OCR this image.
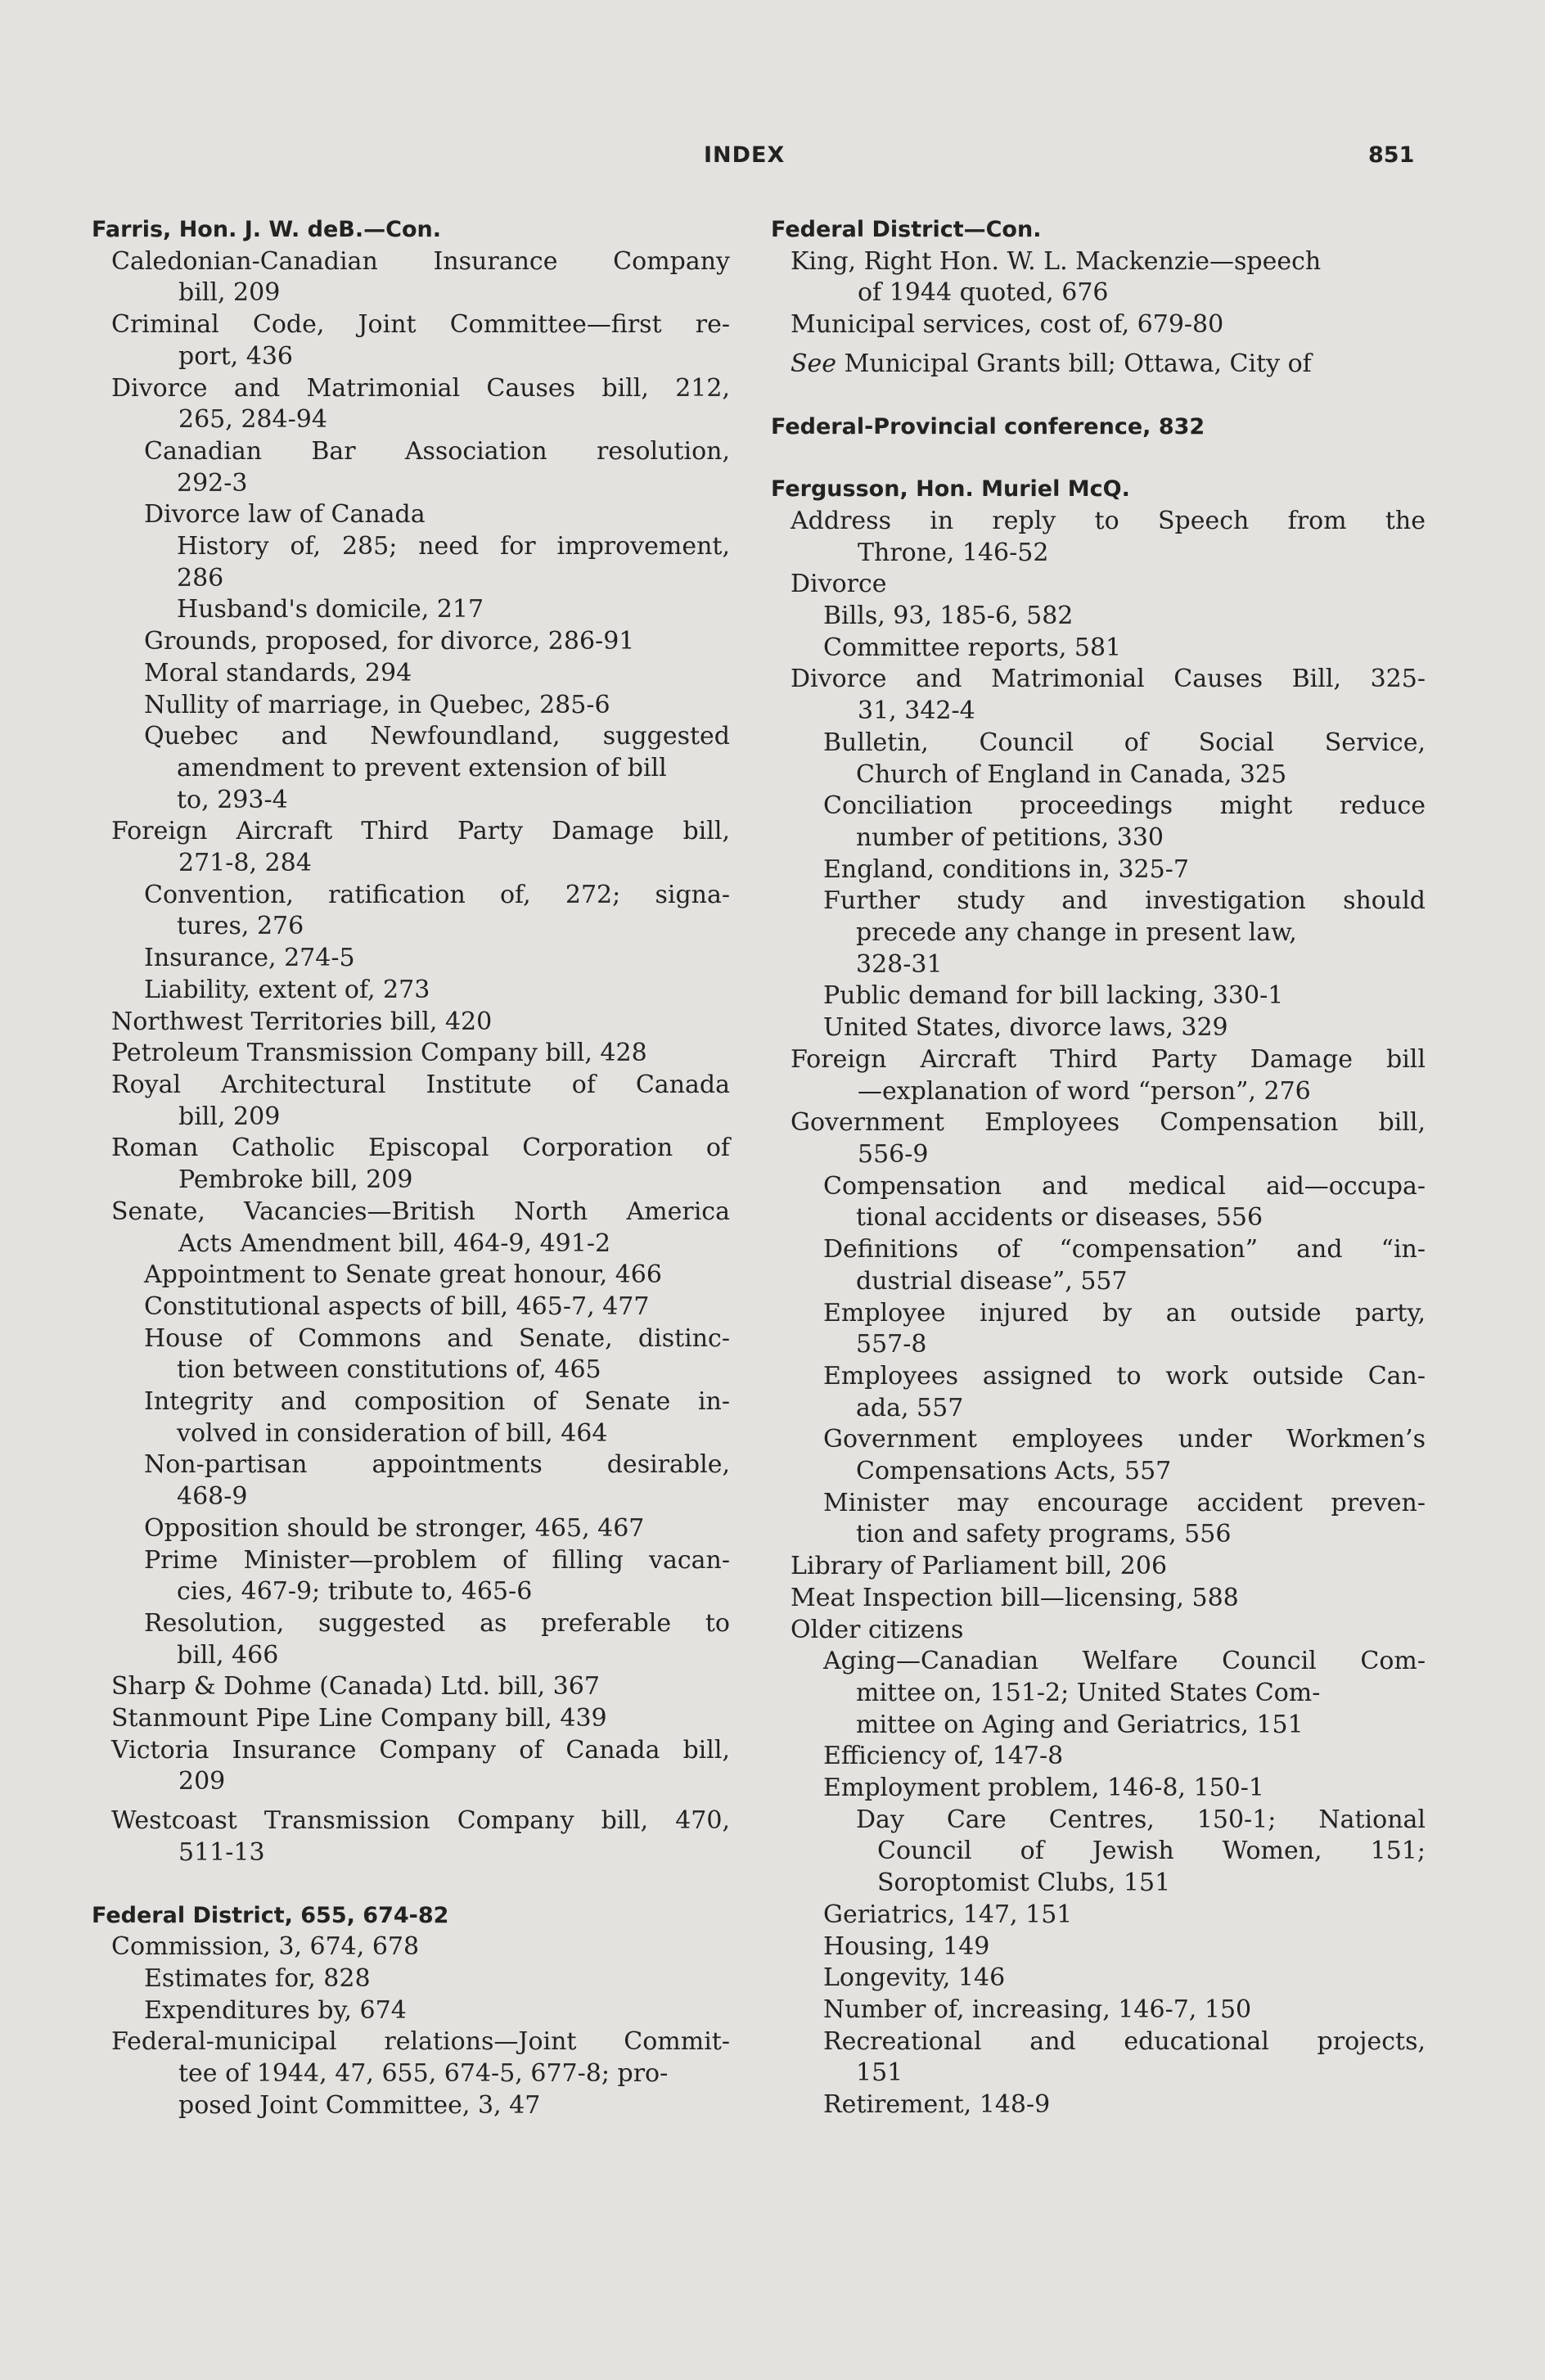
INDEX	851
Farris, Hon. J. W. deB.—Con.
Caledonian-Canadian Insurance Company
bill, 209
Criminal Code, Joint Committee—first re-
port, 436
Divorce and Matrimonial Causes bill, 212,
265, 284-94
Canadian Bar Association resolution,
292-3
Divorce law of Canada
History of, 285; need for improvement,
286
Husband's domicile, 217
Grounds, proposed, for divorce, 286-91
Moral standards, 294
Nullity of marriage, in Quebec, 285-6
Quebec and Newfoundland, suggested
amendment to prevent extension of bill
to, 293-4
Foreign Aircraft Third Party Damage bill,
271-8, 284
Convention, ratification of, 272; signa-
tures, 276
Insurance, 274-5
Liability, extent of, 273
Northwest Territories bill, 420
Petroleum Transmission Company bill, 428
Royal Architectural Institute of Canada
bill, 209
Roman Catholic Episcopal Corporation of
Pembroke bill, 209
Senate, Vacancies—British North America
Acts Amendment bill, 464-9, 491-2
Appointment to Senate great honour, 466
Constitutional aspects of bill, 465-7, 477
House of Commons and Senate, distinc-
tion between constitutions of, 465
Integrity and composition of Senate in-
volved in consideration of bill, 464
Non-partisan appointments desirable,
468-9
Opposition should be stronger, 465, 467
Prime Minister—problem of filling vacan-
cies, 467-9; tribute to, 465-6
Resolution, suggested as preferable to
bill, 466
Sharp & Dohme (Canada) Ltd. bill, 367
Stanmount Pipe Line Company bill, 439
Victoria Insurance Company of Canada bill,
209
Westcoast Transmission Company bill, 470,
511-13
Federal District, 655, 674-82
Commission, 3, 674, 678
Estimates for, 828
Expenditures by, 674
Federal-municipal relations—Joint Commit-
tee of 1944, 47, 655, 674-5, 677-8; pro-
posed Joint Committee, 3, 47
Federal District—Con.
King, Right Hon. W. L. Mackenzie—speech
of 1944 quoted, 676
Municipal services, cost of, 679-80
See Municipal Grants bill; Ottawa, City of
Federal-Provincial conference, 832
Fergusson, Hon. Muriel McQ.
Address in reply to Speech from the
Throne, 146-52
Divorce
Bills, 93, 185-6, 582
Committee reports, 581
Divorce and Matrimonial Causes Bill, 325-
31, 342-4
Bulletin, Council of Social Service,
Church of England in Canada, 325
Conciliation proceedings might reduce
number of petitions, 330
England, conditions in, 325-7
Further study and investigation should
precede any change in present law,
328-31
Public demand for bill lacking, 330-1
United States, divorce laws, 329
Foreign Aircraft Third Party Damage bill
—explanation of word “person”, 276
Government Employees Compensation bill,
556-9
Compensation and medical aid—occupa-
tional accidents or diseases, 556
Definitions of “compensation” and “in-
dustrial disease”, 557
Employee injured by an outside party,
557-8
Employees assigned to work outside Can-
ada, 557
Government employees under Workmen’s
Compensations Acts, 557
Minister may encourage accident preven-
tion and safety programs, 556
Library of Parliament bill, 206
Meat Inspection bill—licensing, 588
Older citizens
Aging—Canadian Welfare Council Com-
mittee on, 151-2; United States Com-
mittee on Aging and Geriatrics, 151
Efficiency of, 147-8
Employment problem, 146-8, 150-1
Day Care Centres, 150-1; National
Council of Jewish Women, 151;
Soroptomist Clubs, 151
Geriatrics, 147, 151
Housing, 149
Longevity, 146
Number of, increasing, 146-7, 150
Recreational and educational projects,
151
Retirement, 148-9
